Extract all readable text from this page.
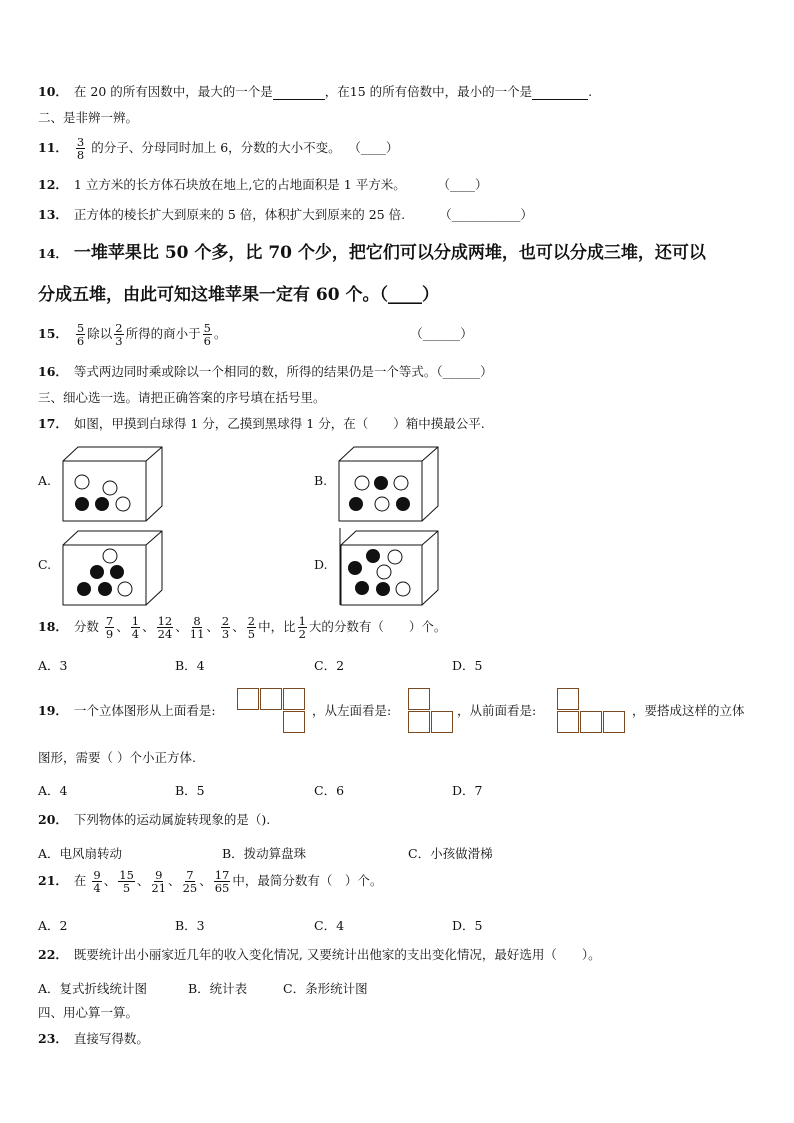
10． 在 20 的所有因数中，最大的一个是	，在15 的所有倍数中，最小的一个是	.
二、是非辨一辨。
11． $\frac{3}{8}$ 的分子、分母同时加上 6，分数的大小不变。 （____）
12． 1 立方米的长方体石块放在地上,它的占地面积是 1 平方米。	（____）
13． 正方体的棱长扩大到原来的 5 倍，体积扩大到原来的 25 倍.	（___________）
14． 一堆苹果比 50 个多，比 70 个少，把它们可以分成两堆，也可以分成三堆，还可以
分成五堆，由此可知这堆苹果一定有 60 个。（____）
15． $\frac{5}{6}$ 除以 $\frac{2}{3}$ 所得的商小于 $\frac{5}{6}$ 。	（______）
16． 等式两边同时乘或除以一个相同的数，所得的结果仍是一个等式。（______）
三、细心选一选。请把正确答案的序号填在括号里。
17． 如图，甲摸到白球得 1 分，乙摸到黑球得 1 分，在（　　）箱中摸最公平.
A.	B.
C.	D.
18． 分数 $\frac{7}{9}$ 、 $\frac{1}{4}$ 、 $\frac{12}{24}$ 、 $\frac{8}{11}$ 、 $\frac{2}{3}$ 、 $\frac{2}{5}$ 中，比 $\frac{1}{2}$ 大的分数有（　　）个。
A．3	B．4	C．2	D．5
19． 一个立体图形从上面看是:	，从左面看是:	，从前面看是:	，要搭成这样的立体
图形，需要（ ）个小正方体.
A．4	B．5	C．6	D．7
20． 下列物体的运动属旋转现象的是（).
A．电风扇转动	B．拨动算盘珠	C．小孩做滑梯
21． 在 $\frac{9}{4}$ 、 $\frac{15}{5}$ 、 $\frac{9}{21}$ 、 $\frac{7}{25}$ 、 $\frac{17}{65}$ 中，最简分数有（　）个。
A．2	B．3	C．4	D．5
22． 既要统计出小丽家近几年的收入变化情况, 又要统计出他家的支出变化情况，最好选用（　　）。
A．复式折线统计图	B．统计表	C．条形统计图
四、用心算一算。
23． 直接写得数。
